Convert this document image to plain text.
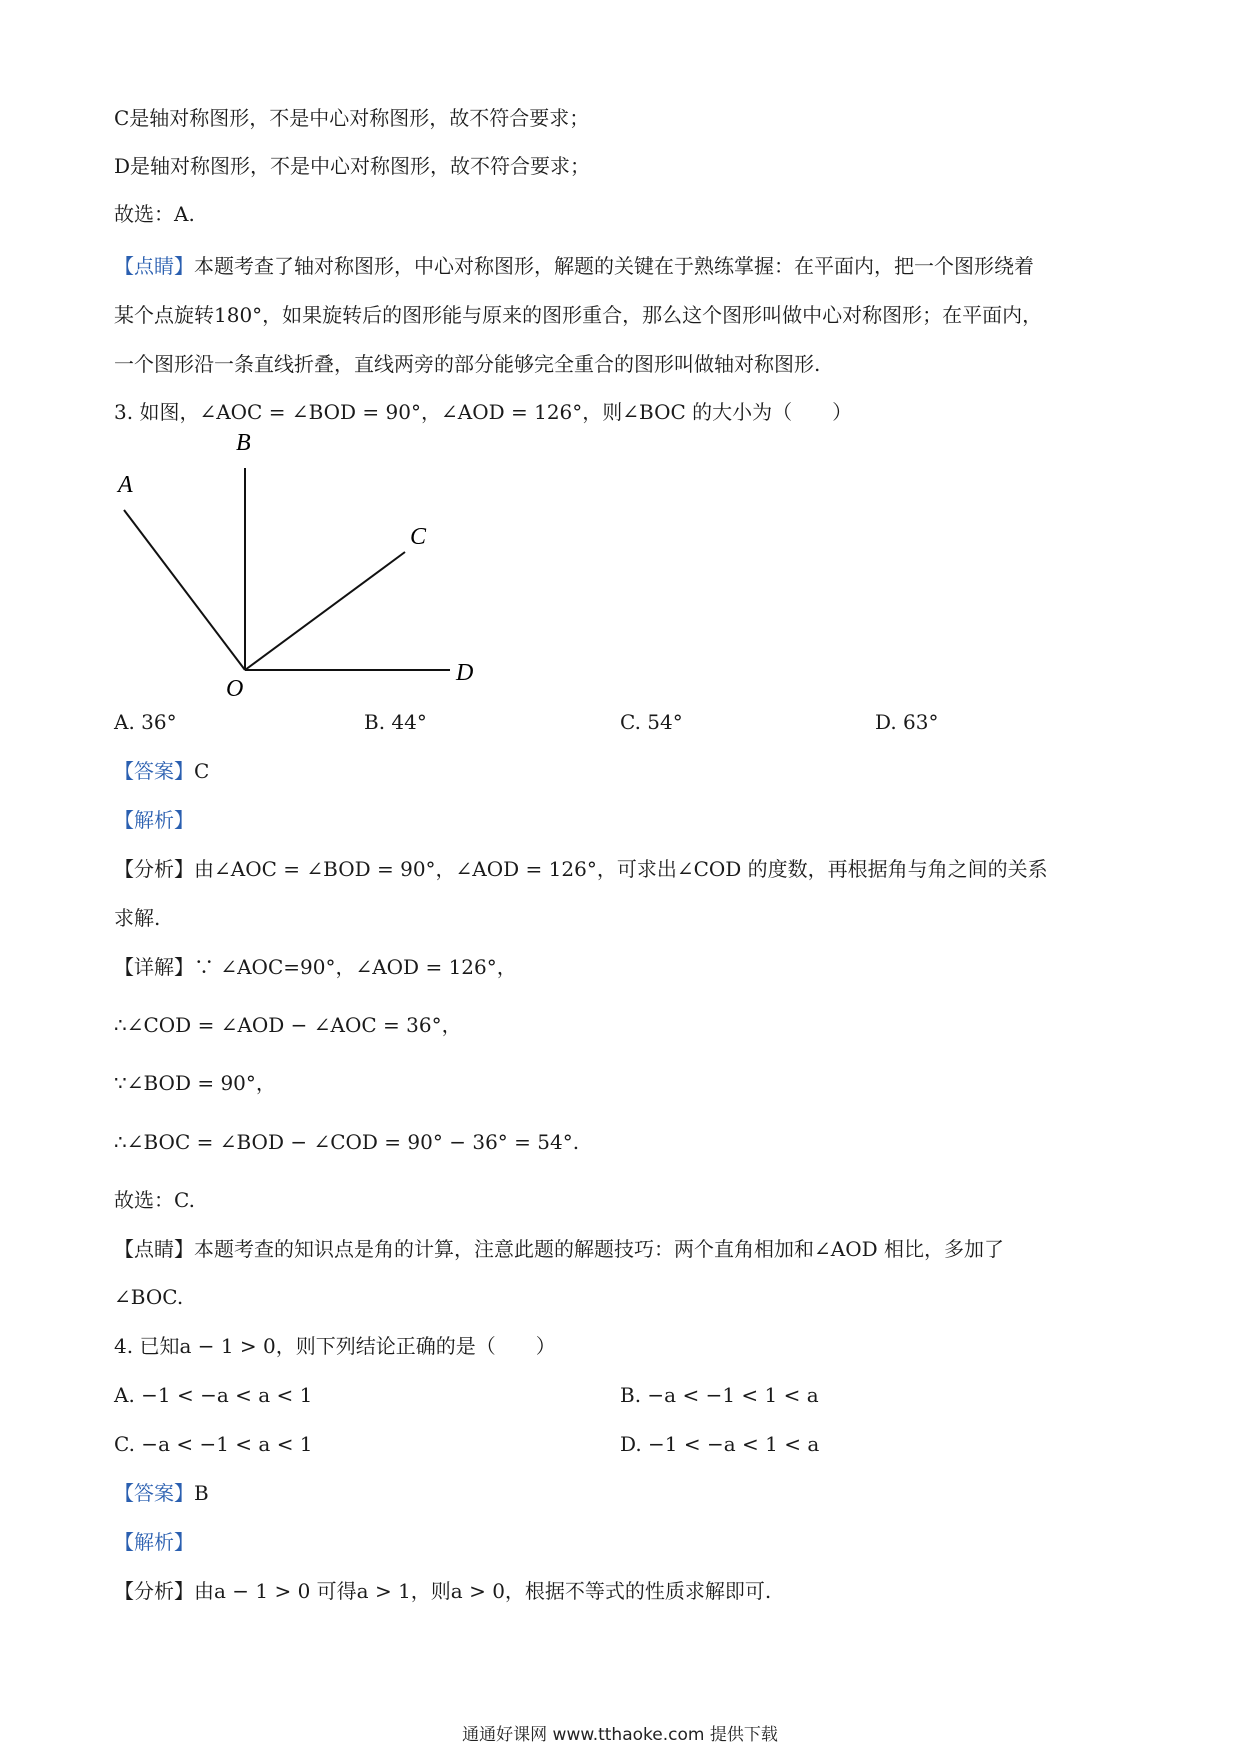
C是轴对称图形，不是中心对称图形，故不符合要求；
D是轴对称图形，不是中心对称图形，故不符合要求；
故选：A.
【点睛】本题考查了轴对称图形，中心对称图形，解题的关键在于熟练掌握：在平面内，把一个图形绕着
某个点旋转180°，如果旋转后的图形能与原来的图形重合，那么这个图形叫做中心对称图形；在平面内，
一个图形沿一条直线折叠，直线两旁的部分能够完全重合的图形叫做轴对称图形.
3. 如图，∠AOC = ∠BOD = 90°，∠AOD = 126°，则∠BOC 的大小为（　　）
A
B
C
D
O
A. 36°	B. 44°	C. 54°	D. 63°
【答案】C
【解析】
【分析】由∠AOC = ∠BOD = 90°，∠AOD = 126°，可求出∠COD 的度数，再根据角与角之间的关系
求解.
【详解】∵ ∠AOC=90°，∠AOD = 126°，
∴∠COD = ∠AOD − ∠AOC = 36°，
∵∠BOD = 90°，
∴∠BOC = ∠BOD − ∠COD = 90° − 36° = 54°.
故选：C.
【点睛】本题考查的知识点是角的计算，注意此题的解题技巧：两个直角相加和∠AOD 相比，多加了
∠BOC.
4. 已知a − 1 > 0，则下列结论正确的是（　　）
A. −1 < −a < a < 1	B. −a < −1 < 1 < a
C. −a < −1 < a < 1	D. −1 < −a < 1 < a
【答案】B
【解析】
【分析】由a − 1 > 0 可得a > 1，则a > 0，根据不等式的性质求解即可.
通通好课网 www.tthaoke.com 提供下载
